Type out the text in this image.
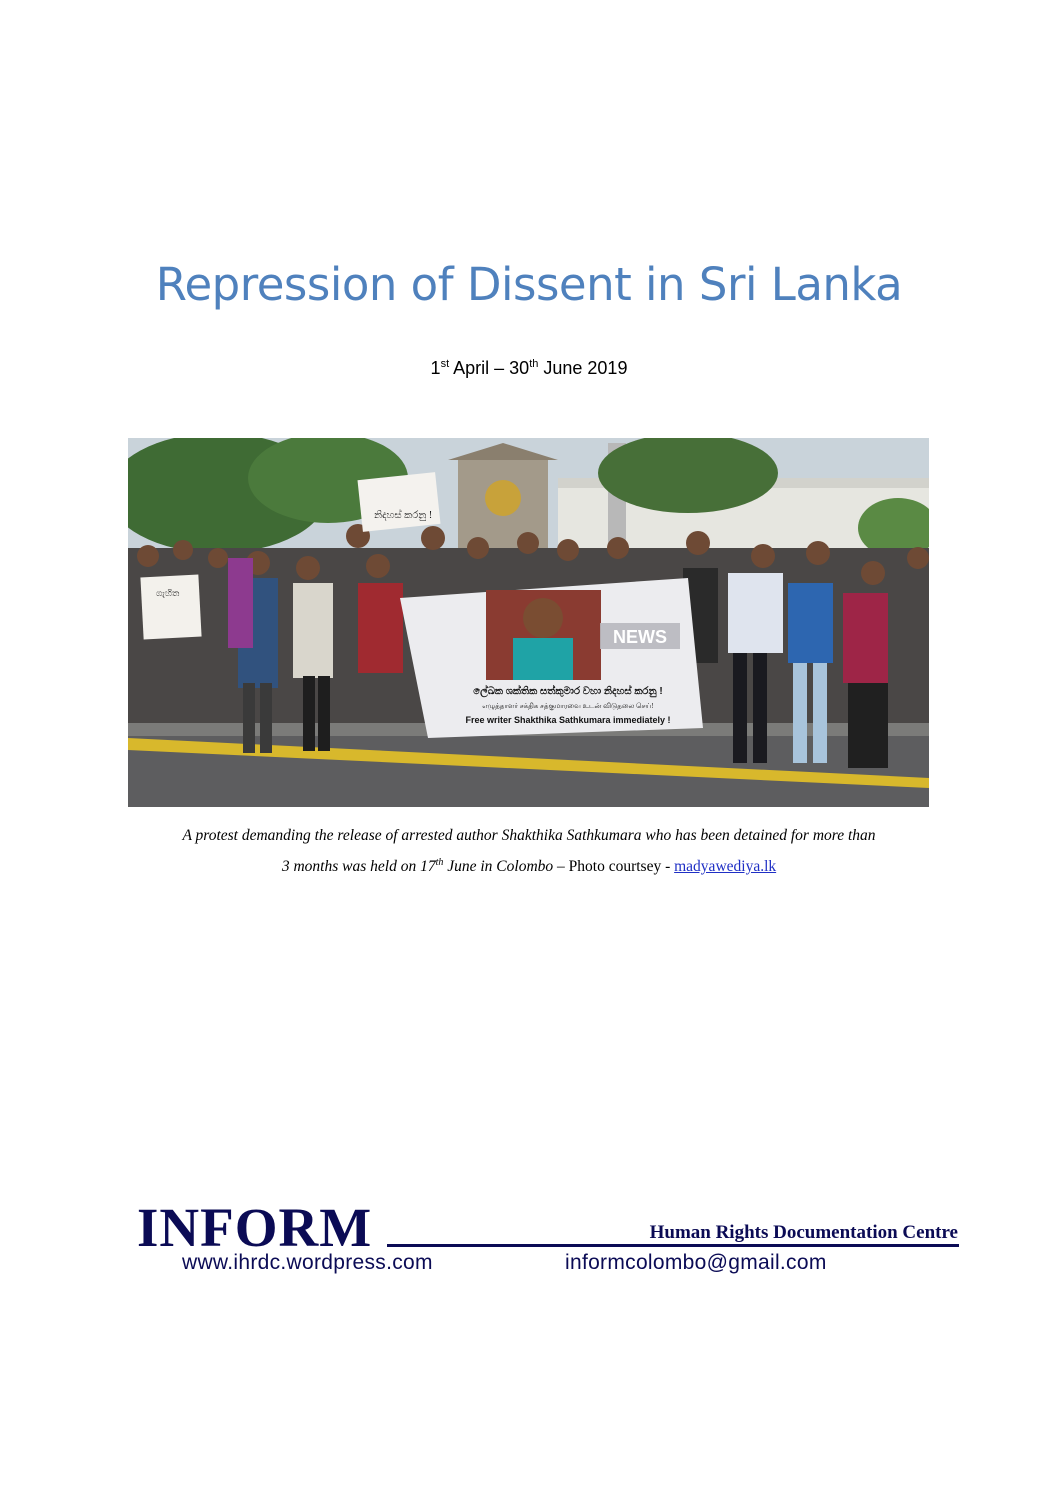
Repression of Dissent in Sri Lanka
1st April – 30th June 2019
ගැහිත
නිදහස් කරනු !
NEWS
ලේඛක ශක්තික සත්කුමාර වහා නිදහස් කරනු !
எழுத்தாளர் சக்திக சத்குமாரவை உடன் விடுதலை செய்!
Free writer Shakthika Sathkumara immediately !
A protest demanding the release of arrested author Shakthika Sathkumara who has been detained for more than
3 months was held on 17th June in Colombo – Photo courtsey - madyawediya.lk
INFORM	Human Rights Documentation Centre
www.ihrdc.wordpress.com	informcolombo@gmail.com
